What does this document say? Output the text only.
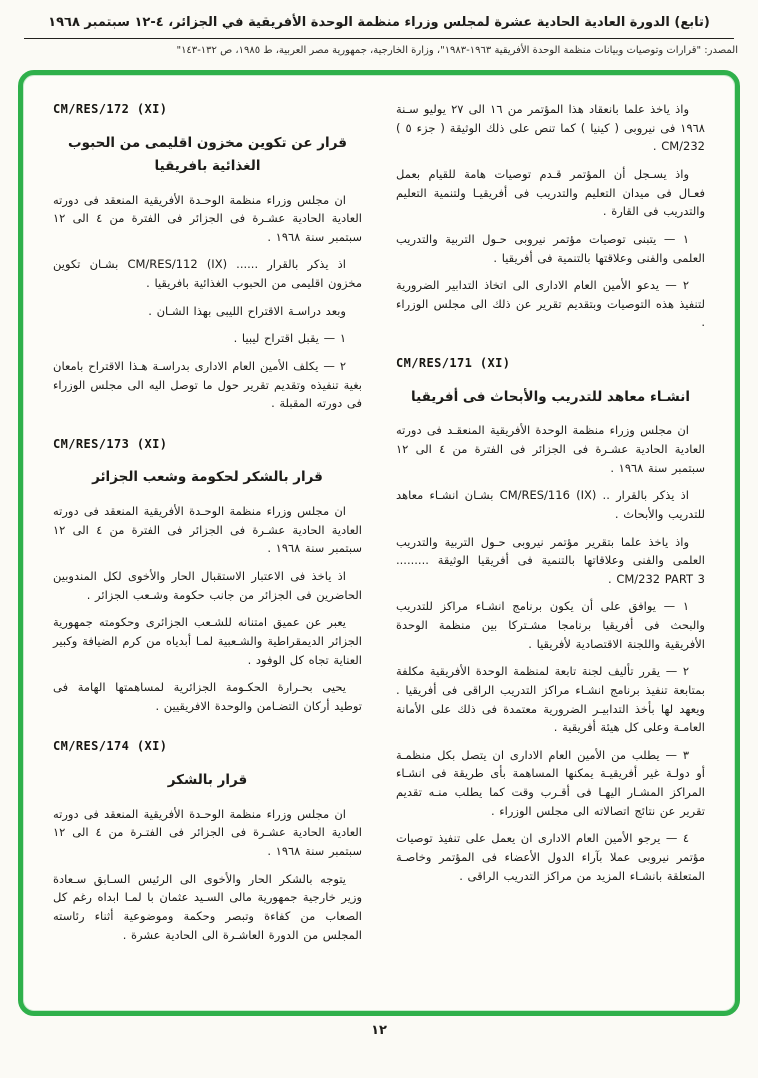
(تابع) الدورة العادية الحادية عشرة لمجلس وزراء منظمة الوحدة الأفريقية في الجزائر، ٤-١٢ سبتمبر ١٩٦٨
المصدر: "قرارات وتوصيات وبيانات منظمة الوحدة الأفريقية ١٩٦٣-١٩٨٣"، وزارة الخارجية، جمهورية مصر العربية، ط ١٩٨٥، ص ١٣٢-١٤٣"
واذ ياخذ علما بانعقاد هذا المؤتمر من ١٦ الى ٢٧ يوليو سـنة ١٩٦٨ فى نيروبى ( كينيا ) كما تنص على ذلك الوثيقة ( جزء ٥ ) CM/232 .
واذ يسـجل أن المؤتمر قـدم توصيات هامة للقيام بعمل فعـال فى ميدان التعليم والتدريب فى أفريقيـا ولتنمية التعليم والتدريب فى القارة .
١ — يتبنى توصيات مؤتمر نيروبى حـول التربية والتدريب العلمى والفنى وعلاقتها بالتنمية فى أفريقيا .
٢ — يدعو الأمين العام الادارى الى اتخاذ التدابير الضرورية لتنفيذ هذه التوصيات وبتقديم تقرير عن ذلك الى مجلس الوزراء .
CM/RES/171 (XI)
انشـاء معاهد للتدريب والأبحاث فى أفريقيا
ان مجلس وزراء منظمة الوحدة الأفريقية المنعقـد فى دورته العادية الحادية عشـرة فى الجزائر فى الفترة من ٤ الى ١٢ سبتمبر سنة ١٩٦٨ .
اذ يذكر بالقرار .. CM/RES/116 (IX) بشـان انشـاء معاهد للتدريب والأبحاث .
واذ ياخذ علما بتقرير مؤتمر نيروبى حـول التربية والتدريب العلمى والفنى وعلاقاتها بالتنمية فى أفريقيا الوثيقة ......... CM/232 PART 3 .
١ — يوافق على أن يكون برنامج انشـاء مراكز للتدريب والبحث فى أفريقيا برنامجا مشـتركا بين منظمة الوحدة الأفريقية واللجنة الاقتصادية لأفريقيا .
٢ — يقرر تأليف لجنة تابعة لمنظمة الوحدة الأفريقية مكلفة بمتابعة تنفيذ برنامج انشـاء مراكز التدريب الراقى فى أفريقيا . ويعهد لها بأخذ التدابيـر الضرورية معتمدة فى ذلك على الأمانة العامـة وعلى كل هيئة أفريقية .
٣ — يطلب من الأمين العام الادارى ان يتصل بكل منظمـة أو دولـة غير أفريقيـة يمكنها المساهمة بأى طريقة فى انشـاء المراكز المشـار اليهـا فى أقـرب وقت كما يطلب منـه تقديم تقرير عن نتائج اتصالاته الى مجلس الوزراء .
٤ — يرجو الأمين العام الادارى ان يعمل على تنفيذ توصيات مؤتمر نيروبى عملا بآراء الدول الأعضاء فى المؤتمر وخاصـة المتعلقة بانشـاء المزيد من مراكز التدريب الراقى .
CM/RES/172 (XI)
قرار عن تكوين مخزون اقليمى من الحبوب الغذائية بافريقيا
ان مجلس وزراء منظمة الوحـدة الأفريقية المنعقد فى دورته العادية الحادية عشـرة فى الجزائر فى الفترة من ٤ الى ١٢ سبتمبر سنة ١٩٦٨ .
اذ يذكر بالقرار ...... CM/RES/112 (IX) بشـان تكوين مخزون اقليمى من الحبوب الغذائية بافريقيا .
وبعد دراسـة الاقتراح الليبى بهذا الشـان .
١ — يقبل اقتراح ليبيا .
٢ — يكلف الأمين العام الادارى بدراسـة هـذا الاقتراح بامعان بغية تنفيذه وتقديم تقرير حول ما توصل اليه الى مجلس الوزراء فى دورته المقبلة .
CM/RES/173 (XI)
قرار بالشكر لحكومة وشعب الجزائر
ان مجلس وزراء منظمة الوحـدة الأفريقية المنعقد فى دورته العادية الحادية عشـرة فى الجزائر فى الفترة من ٤ الى ١٢ سبتمبر سنة ١٩٦٨ .
اذ ياخذ فى الاعتبار الاستقبال الحار والأخوى لكل المندوبين الحاضرين فى الجزائر من جانب حكومة وشـعب الجزائر .
يعبر عن عميق امتنانه للشـعب الجزائرى وحكومته جمهورية الجزائر الديمقراطية والشـعبية لمـا أبدياه من كرم الضيافة وكبير العناية تجاه كل الوفود .
يحيى بحـرارة الحكـومة الجزائرية لمساهمتها الهامة فى توطيد أركان التضـامن والوحدة الافريقيين .
CM/RES/174 (XI)
قرار بالشكر
ان مجلس وزراء منظمة الوحـدة الأفريقية المنعقد فى دورته العادية الحادية عشـرة فى الجزائر فى الفتـرة من ٤ الى ١٢ سبتمبر سنة ١٩٦٨ .
يتوجه بالشكر الحار والأخوى الى الرئيس السـابق سـعادة وزير خارجية جمهورية مالى السـيد عثمان با لمـا ابداه رغم كل الصعاب من كفاءة وتبصر وحكمة وموضوعية أثناء رئاسته المجلس من الدورة العاشـرة الى الحادية عشرة .
١٢
